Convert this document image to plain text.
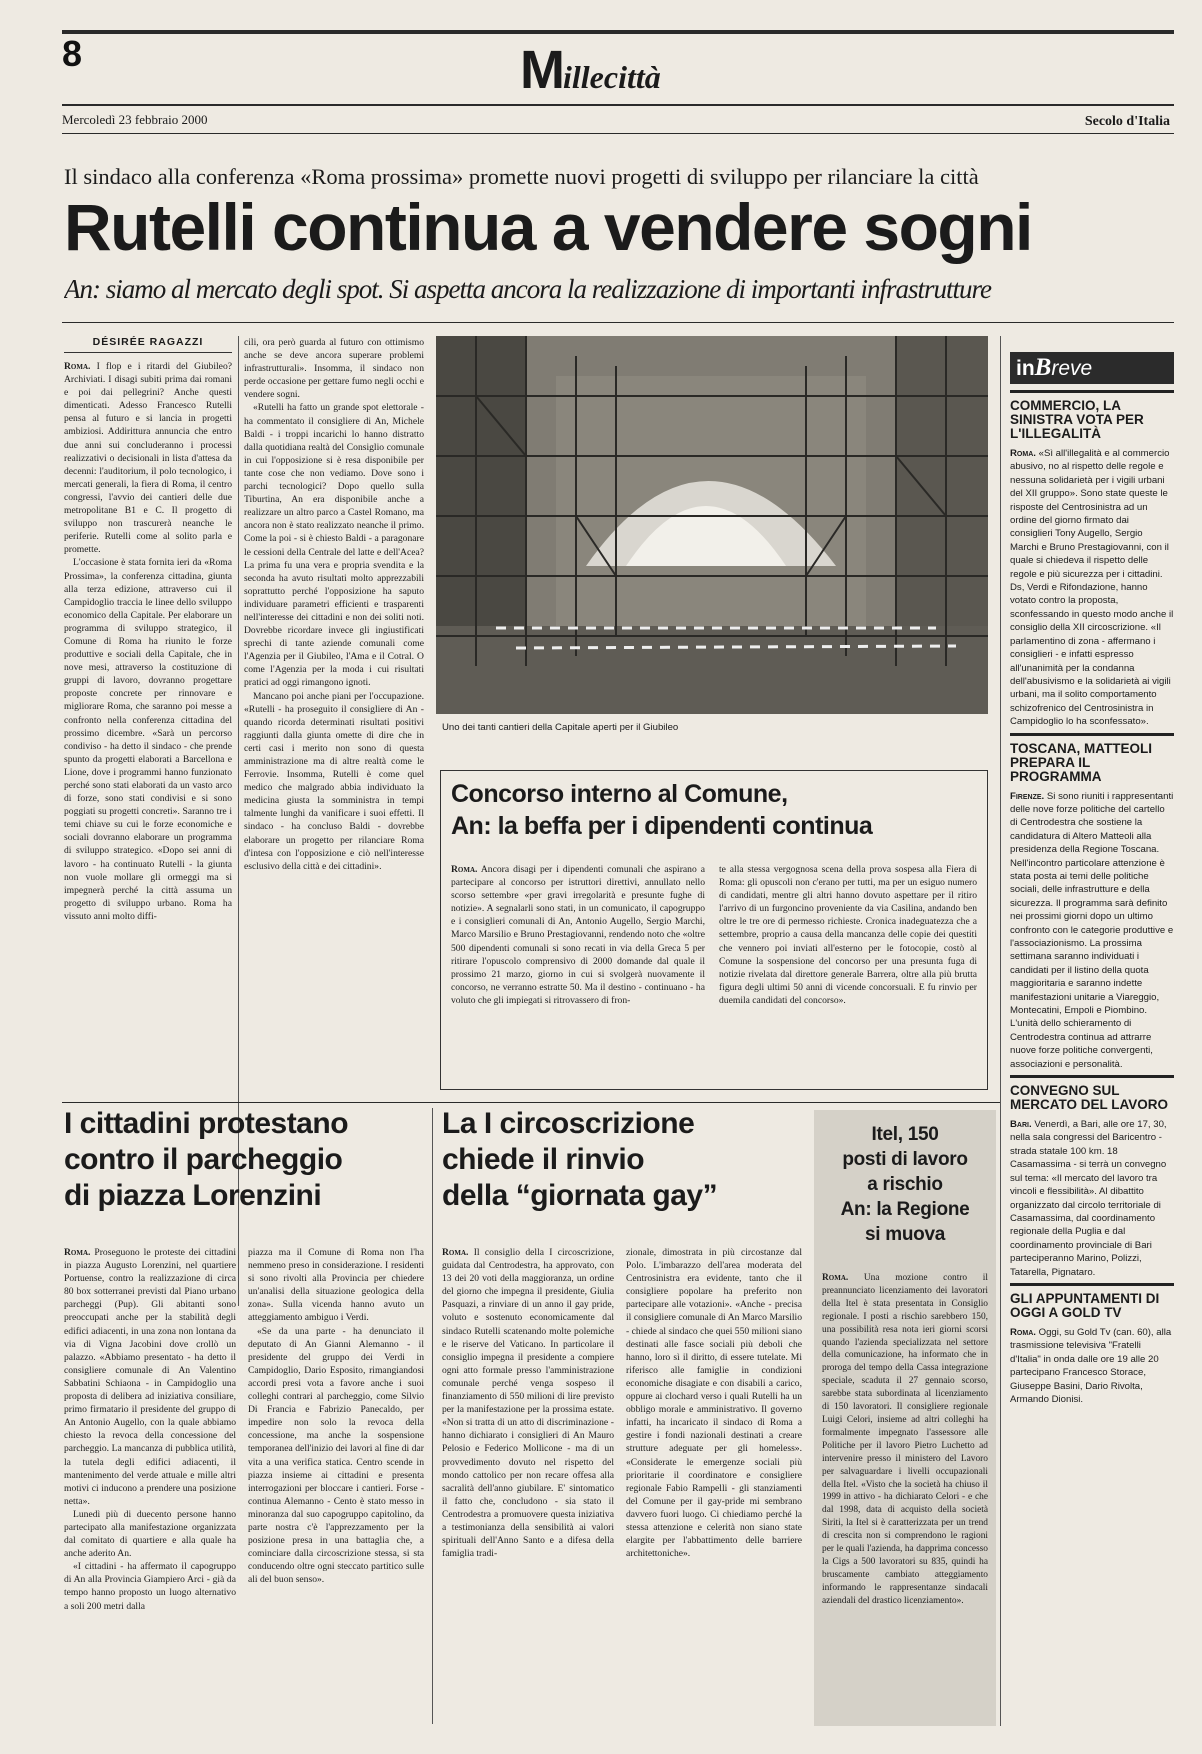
8	Millecittà
Mercoledì 23 febbraio 2000	Secolo d'Italia
Il sindaco alla conferenza «Roma prossima» promette nuovi progetti di sviluppo per rilanciare la città
Rutelli continua a vendere sogni
An: siamo al mercato degli spot. Si aspetta ancora la realizzazione di importanti infrastrutture
DÉSIRÉE RAGAZZI

Roma. I flop e i ritardi del Giubileo? Archiviati. I disagi subiti prima dai romani e poi dai pellegrini? Anche questi dimenticati. Adesso Francesco Rutelli pensa al futuro e si lancia in progetti ambiziosi. Addirittura annuncia che entro due anni sui concluderanno i processi realizzativi o decisionali in lista d'attesa da decenni: l'auditorium, il polo tecnologico, i mercati generali, la fiera di Roma, il centro congressi, l'avvio dei cantieri delle due metropolitane B1 e C. Il progetto di sviluppo non trascurerà neanche le periferie. Rutelli come al solito parla e promette.

L'occasione è stata fornita ieri da «Roma Prossima», la conferenza cittadina, giunta alla terza edizione, attraverso cui il Campidoglio traccia le linee dello sviluppo economico della Capitale. Per elaborare un programma di sviluppo strategico, il Comune di Roma ha riunito le forze produttive e sociali della Capitale, che in nove mesi, attraverso la costituzione di gruppi di lavoro, dovranno progettare proposte concrete per rinnovare e migliorare Roma, che saranno poi messe a confronto nella conferenza cittadina del prossimo dicembre. «Sarà un percorso condiviso - ha detto il sindaco - che prende spunto da progetti elaborati a Barcellona e Lione, dove i programmi hanno funzionato perché sono stati elaborati da un vasto arco di forze, sono stati condivisi e si sono poggiati su progetti concreti». Saranno tre i temi chiave su cui le forze economiche e sociali dovranno elaborare un programma di sviluppo strategico. «Dopo sei anni di lavoro - ha continuato Rutelli - la giunta non vuole mollare gli ormeggi ma si impegnerà perché la città assuma un progetto di sviluppo urbano. Roma ha vissuto anni molto diffi-

cili, ora però guarda al futuro con ottimismo anche se deve ancora superare problemi infrastrutturali». Insomma, il sindaco non perde occasione per gettare fumo negli occhi e vendere sogni.

«Rutelli ha fatto un grande spot elettorale - ha commentato il consigliere di An, Michele Baldi - i troppi incarichi lo hanno distratto dalla quotidiana realtà del Consiglio comunale in cui l'opposizione si è resa disponibile per tante cose che non vediamo. Dove sono i parchi tecnologici? Dopo quello sulla Tiburtina, An era disponibile anche a realizzare un altro parco a Castel Romano, ma ancora non è stato realizzato neanche il primo. Come la poi - si è chiesto Baldi - a paragonare le cessioni della Centrale del latte e dell'Acea? La prima fu una vera e propria svendita e la seconda ha avuto risultati molto apprezzabili soprattutto perché l'opposizione ha saputo individuare parametri efficienti e trasparenti nell'interesse dei cittadini e non dei soliti noti. Dovrebbe ricordare invece gli ingiustificati sprechi di tante aziende comunali come l'Agenzia per il Giubileo, l'Ama e il Cotral. O come l'Agenzia per la moda i cui risultati pratici ad oggi rimangono ignoti.

Mancano poi anche piani per l'occupazione. «Rutelli - ha proseguito il consigliere di An - quando ricorda determinati risultati positivi raggiunti dalla giunta omette di dire che in certi casi i merito non sono di questa amministrazione ma di altre realtà come le Ferrovie. Insomma, Rutelli è come quel medico che malgrado abbia individuato la medicina giusta la somministra in tempi talmente lunghi da vanificare i suoi effetti. Il sindaco - ha concluso Baldi - dovrebbe elaborare un progetto per rilanciare Roma d'intesa con l'opposizione e ciò nell'interesse esclusivo della città e dei cittadini».

Uno dei tanti cantieri della Capitale aperti per il Giubileo
Concorso interno al Comune,
An: la beffa per i dipendenti continua

Roma. Ancora disagi per i dipendenti comunali che aspirano a partecipare al concorso per istruttori direttivi, annullato nello scorso settembre «per gravi irregolarità e presunte fughe di notizie». A segnalarli sono stati, in un comunicato, il capogruppo e i consiglieri comunali di An, Antonio Augello, Sergio Marchi, Marco Marsilio e Bruno Prestagiovanni, rendendo noto che «oltre 500 dipendenti comunali si sono recati in via della Greca 5 per ritirare l'opuscolo comprensivo di 2000 domande dal quale il prossimo 21 marzo, giorno in cui si svolgerà nuovamente il concorso, ne verranno estratte 50. Ma il destino - continuano - ha voluto che gli impiegati si ritrovassero di fron-

te alla stessa vergognosa scena della prova sospesa alla Fiera di Roma: gli opuscoli non c'erano per tutti, ma per un esiguo numero di candidati, mentre gli altri hanno dovuto aspettare per il ritiro l'arrivo di un furgoncino proveniente da via Casilina, andando ben oltre le tre ore di permesso richieste. Cronica inadeguatezza che a settembre, proprio a causa della mancanza delle copie dei questiti che vennero poi inviati all'esterno per le fotocopie, costò al Comune la sospensione del concorso per una presunta fuga di notizie rivelata dal direttore generale Barrera, oltre alla più brutta figura degli ultimi 50 anni di vicende concorsuali. E fu rinvio per duemila candidati del concorso».

I cittadini protestano
contro il parcheggio
di piazza Lorenzini

Roma. Proseguono le proteste dei cittadini in piazza Augusto Lorenzini, nel quartiere Portuense, contro la realizzazione di circa 80 box sotterranei previsti dal Piano urbano parcheggi (Pup). Gli abitanti sono preoccupati anche per la stabilità degli edifici adiacenti, in una zona non lontana da via di Vigna Jacobini dove crollò un palazzo. «Abbiamo presentato - ha detto il consigliere comunale di An Valentino Sabbatini Schiaona - in Campidoglio una proposta di delibera ad iniziativa consiliare, primo firmatario il presidente del gruppo di An Antonio Augello, con la quale abbiamo chiesto la revoca della concessione del parcheggio. La mancanza di pubblica utilità, la tutela degli edifici adiacenti, il mantenimento del verde attuale e mille altri motivi ci inducono a prendere una posizione netta».

Lunedì più di duecento persone hanno partecipato alla manifestazione organizzata dal comitato di quartiere e alla quale ha anche aderito An.

«I cittadini - ha affermato il capogruppo di An alla Provincia Giampiero Arci - già da tempo hanno proposto un luogo alternativo a soli 200 metri dalla

piazza ma il Comune di Roma non l'ha nemmeno preso in considerazione. I residenti si sono rivolti alla Provincia per chiedere un'analisi della situazione geologica della zona». Sulla vicenda hanno avuto un atteggiamento ambiguo i Verdi.

«Se da una parte - ha denunciato il deputato di An Gianni Alemanno - il presidente del gruppo dei Verdi in Campidoglio, Dario Esposito, rimangiandosi accordi presi vota a favore anche i suoi colleghi contrari al parcheggio, come Silvio Di Francia e Fabrizio Panecaldo, per impedire non solo la revoca della concessione, ma anche la sospensione temporanea dell'inizio dei lavori al fine di dar vita a una verifica statica. Centro scende in piazza insieme ai cittadini e presenta interrogazioni per bloccare i cantieri. Forse - continua Alemanno - Cento è stato messo in minoranza dal suo capogruppo capitolino, da parte nostra c'è l'apprezzamento per la posizione presa in una battaglia che, a cominciare dalla circoscrizione stessa, si sta conducendo oltre ogni steccato partitico sulle ali del buon senso».

La I circoscrizione
chiede il rinvio
della “giornata gay”

Roma. Il consiglio della I circoscrizione, guidata dal Centrodestra, ha approvato, con 13 dei 20 voti della maggioranza, un ordine del giorno che impegna il presidente, Giulia Pasquazi, a rinviare di un anno il gay pride, voluto e sostenuto economicamente dal sindaco Rutelli scatenando molte polemiche e le riserve del Vaticano. In particolare il consiglio impegna il presidente a compiere ogni atto formale presso l'amministrazione comunale perché venga sospeso il finanziamento di 550 milioni di lire previsto per la manifestazione per la prossima estate. «Non si tratta di un atto di discriminazione - hanno dichiarato i consiglieri di An Mauro Pelosio e Federico Mollicone - ma di un provvedimento dovuto nel rispetto del mondo cattolico per non recare offesa alla sacralità dell'anno giubilare. E' sintomatico il fatto che, concludono - sia stato il Centrodestra a promuovere questa iniziativa a testimonianza della sensibilità ai valori spirituali dell'Anno Santo e a difesa della famiglia tradi-

zionale, dimostrata in più circostanze dal Polo. L'imbarazzo dell'area moderata del Centrosinistra era evidente, tanto che il consigliere popolare ha preferito non partecipare alle votazioni». «Anche - precisa il consigliere comunale di An Marco Marsilio - chiede al sindaco che quei 550 milioni siano destinati alle fasce sociali più deboli che hanno, loro sì il diritto, di essere tutelate. Mi riferisco alle famiglie in condizioni economiche disagiate e con disabili a carico, oppure ai clochard verso i quali Rutelli ha un obbligo morale e amministrativo. Il governo infatti, ha incaricato il sindaco di Roma a gestire i fondi nazionali destinati a creare strutture adeguate per gli homeless». «Considerate le emergenze sociali più prioritarie il coordinatore e consigliere regionale Fabio Rampelli - gli stanziamenti del Comune per il gay-pride mi sembrano davvero fuori luogo. Ci chiediamo perché la stessa attenzione e celerità non siano state elargite per l'abbattimento delle barriere architettoniche».

Itel, 150
posti di lavoro
a rischio
An: la Regione
si muova

Roma. Una mozione contro il preannunciato licenziamento dei lavoratori della Itel è stata presentata in Consiglio regionale. I posti a rischio sarebbero 150, una possibilità resa nota ieri giorni scorsi quando l'azienda specializzata nel settore della comunicazione, ha informato che in proroga del tempo della Cassa integrazione speciale, scaduta il 27 gennaio scorso, sarebbe stata subordinata al licenziamento di 150 lavoratori. Il consigliere regionale Luigi Celori, insieme ad altri colleghi ha formalmente impegnato l'assessore alle Politiche per il lavoro Pietro Luchetto ad intervenire presso il ministero del Lavoro per salvaguardare i livelli occupazionali della Itel. «Visto che la società ha chiuso il 1999 in attivo - ha dichiarato Celori - e che dal 1998, data di acquisto della società Siriti, la Itel si è caratterizzata per un trend di crescita non si comprendono le ragioni per le quali l'azienda, ha dapprima concesso la Cigs a 500 lavoratori su 835, quindi ha bruscamente cambiato atteggiamento informando le rappresentanze sindacali aziendali del drastico licenziamento».

inBreve

COMMERCIO, LA SINISTRA VOTA PER L'ILLEGALITÀ

Roma. «Sì all'illegalità e al commercio abusivo, no al rispetto delle regole e nessuna solidarietà per i vigili urbani del XII gruppo». Sono state queste le risposte del Centrosinistra ad un ordine del giorno firmato dai consiglieri Tony Augello, Sergio Marchi e Bruno Prestagiovanni, con il quale si chiedeva il rispetto delle regole e più sicurezza per i cittadini. Ds, Verdi e Rifondazione, hanno votato contro la proposta, sconfessando in questo modo anche il consiglio della XII circoscrizione. «Il parlamentino di zona - affermano i consiglieri - e infatti espresso all'unanimità per la condanna dell'abusivismo e la solidarietà ai vigili urbani, ma il solito comportamento schizofrenico del Centrosinistra in Campidoglio lo ha sconfessato».

TOSCANA, MATTEOLI PREPARA IL PROGRAMMA

Firenze. Si sono riuniti i rappresentanti delle nove forze politiche del cartello di Centrodestra che sostiene la candidatura di Altero Matteoli alla presidenza della Regione Toscana. Nell'incontro particolare attenzione è stata posta ai temi delle politiche sociali, delle infrastrutture e della sicurezza. Il programma sarà definito nei prossimi giorni dopo un ultimo confronto con le categorie produttive e l'associazionismo. La prossima settimana saranno individuati i candidati per il listino della quota maggioritaria e saranno indette manifestazioni unitarie a Viareggio, Montecatini, Empoli e Piombino. L'unità dello schieramento di Centrodestra continua ad attrarre nuove forze politiche convergenti, associazioni e personalità.

CONVEGNO SUL MERCATO DEL LAVORO

Bari. Venerdì, a Bari, alle ore 17, 30, nella sala congressi del Baricentro - strada statale 100 km. 18 Casamassima - si terrà un convegno sul tema: «Il mercato del lavoro tra vincoli e flessibilità». Al dibattito organizzato dal circolo territoriale di Casamassima, dal coordinamento regionale della Puglia e dal coordinamento provinciale di Bari parteciperanno Marino, Polizzi, Tatarella, Pignataro.

GLI APPUNTAMENTI DI OGGI A GOLD TV

Roma. Oggi, su Gold Tv (can. 60), alla trasmissione televisiva "Fratelli d'Italia" in onda dalle ore 19 alle 20 partecipano Francesco Storace, Giuseppe Basini, Dario Rivolta, Armando Dionisi.
